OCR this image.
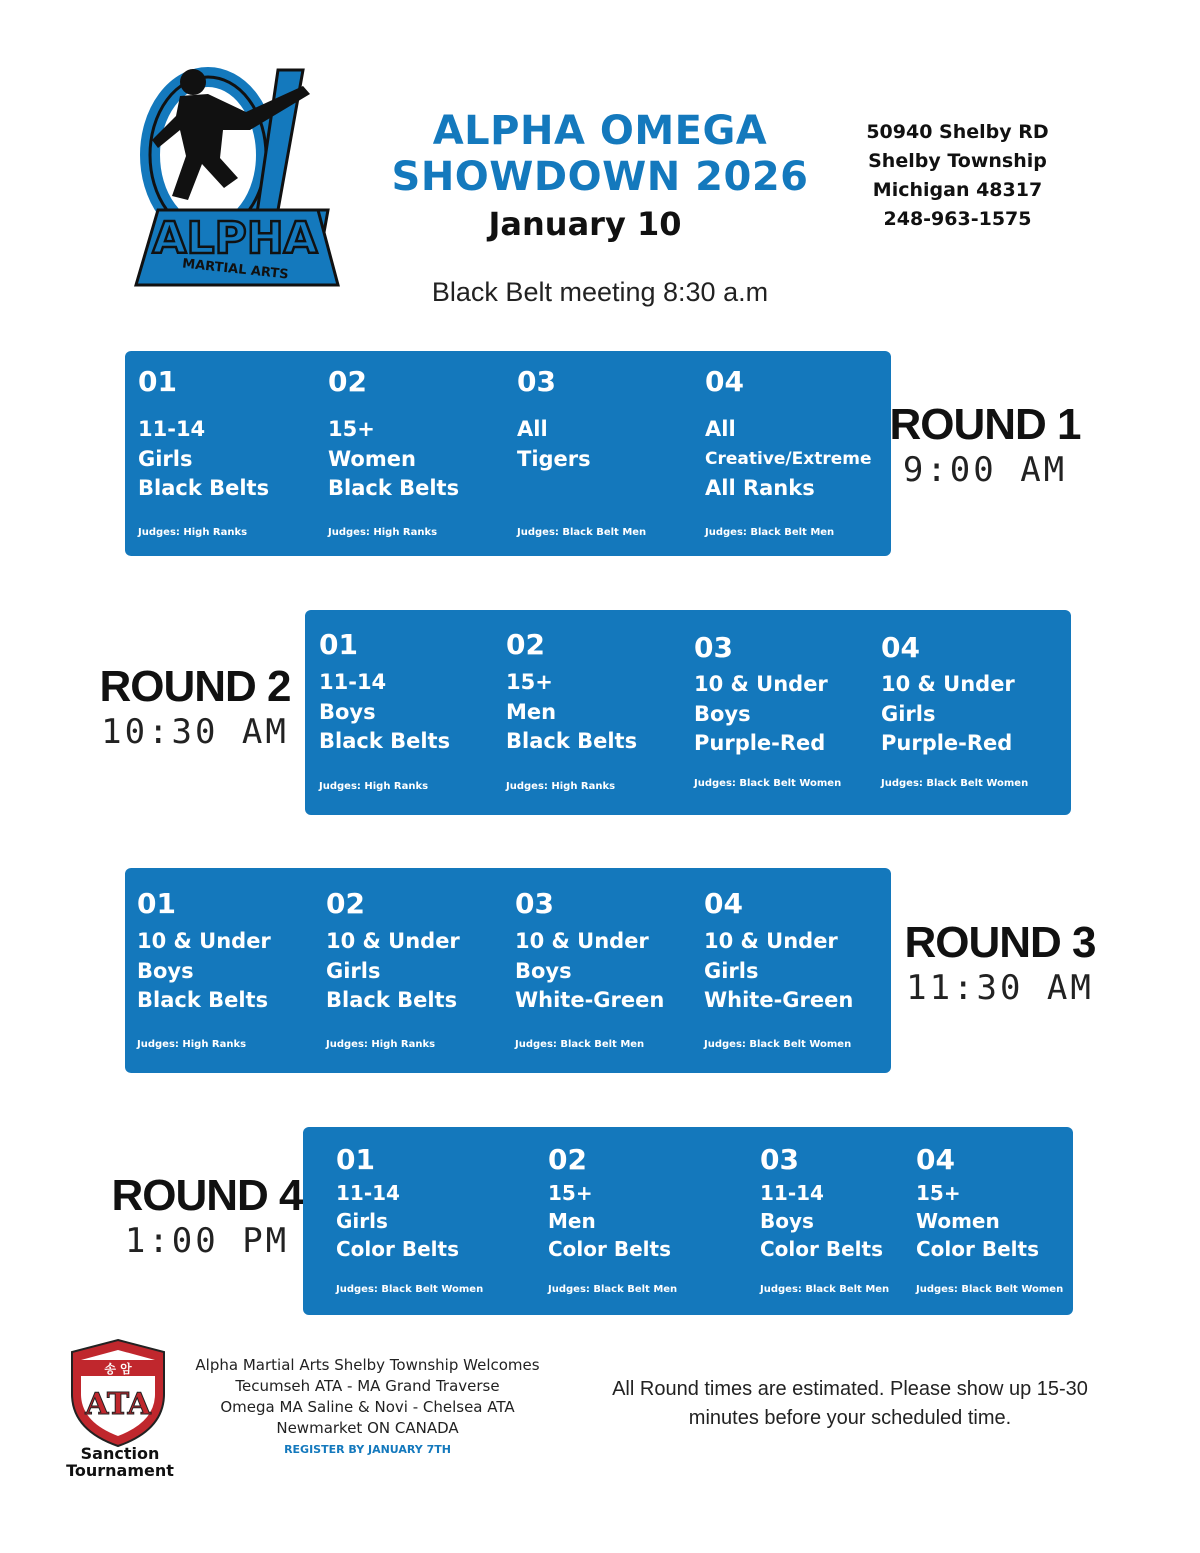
ALPHA
MARTIAL ARTS
ALPHA OMEGA
SHOWDOWN 2026
January 10
50940 Shelby RD
Shelby Township
Michigan 48317
248-963-1575
Black Belt meeting 8:30 a.m
01
11-14
Girls
Black Belts
Judges: High Ranks
02
15+
Women
Black Belts
Judges: High Ranks
03
All
Tigers
Judges: Black Belt Men
04
All
Creative/Extreme
All Ranks
Judges: Black Belt Men
ROUND 1
9:00 AM
ROUND 2
10:30 AM
01
11-14
Boys
Black Belts
Judges: High Ranks
02
15+
Men
Black Belts
Judges: High Ranks
03
10 & Under
Boys
Purple-Red
Judges: Black Belt Women
04
10 & Under
Girls
Purple-Red
Judges: Black Belt Women
01
10 & Under
Boys
Black Belts
Judges: High Ranks
02
10 & Under
Girls
Black Belts
Judges: High Ranks
03
10 & Under
Boys
White-Green
Judges: Black Belt Men
04
10 & Under
Girls
White-Green
Judges: Black Belt Women
ROUND 3
11:30 AM
ROUND 4
1:00 PM
01
11-14
Girls
Color Belts
Judges: Black Belt Women
02
15+
Men
Color Belts
Judges: Black Belt Men
03
11-14
Boys
Color Belts
Judges: Black Belt Men
04
15+
Women
Color Belts
Judges: Black Belt Women
송 암
ATA
Sanction
Tournament
Alpha Martial Arts Shelby Township Welcomes
Tecumseh ATA - MA Grand Traverse
Omega MA Saline & Novi - Chelsea ATA
Newmarket ON CANADA
REGISTER BY JANUARY 7TH
All Round times are estimated. Please show up 15-30 minutes before your scheduled time.
